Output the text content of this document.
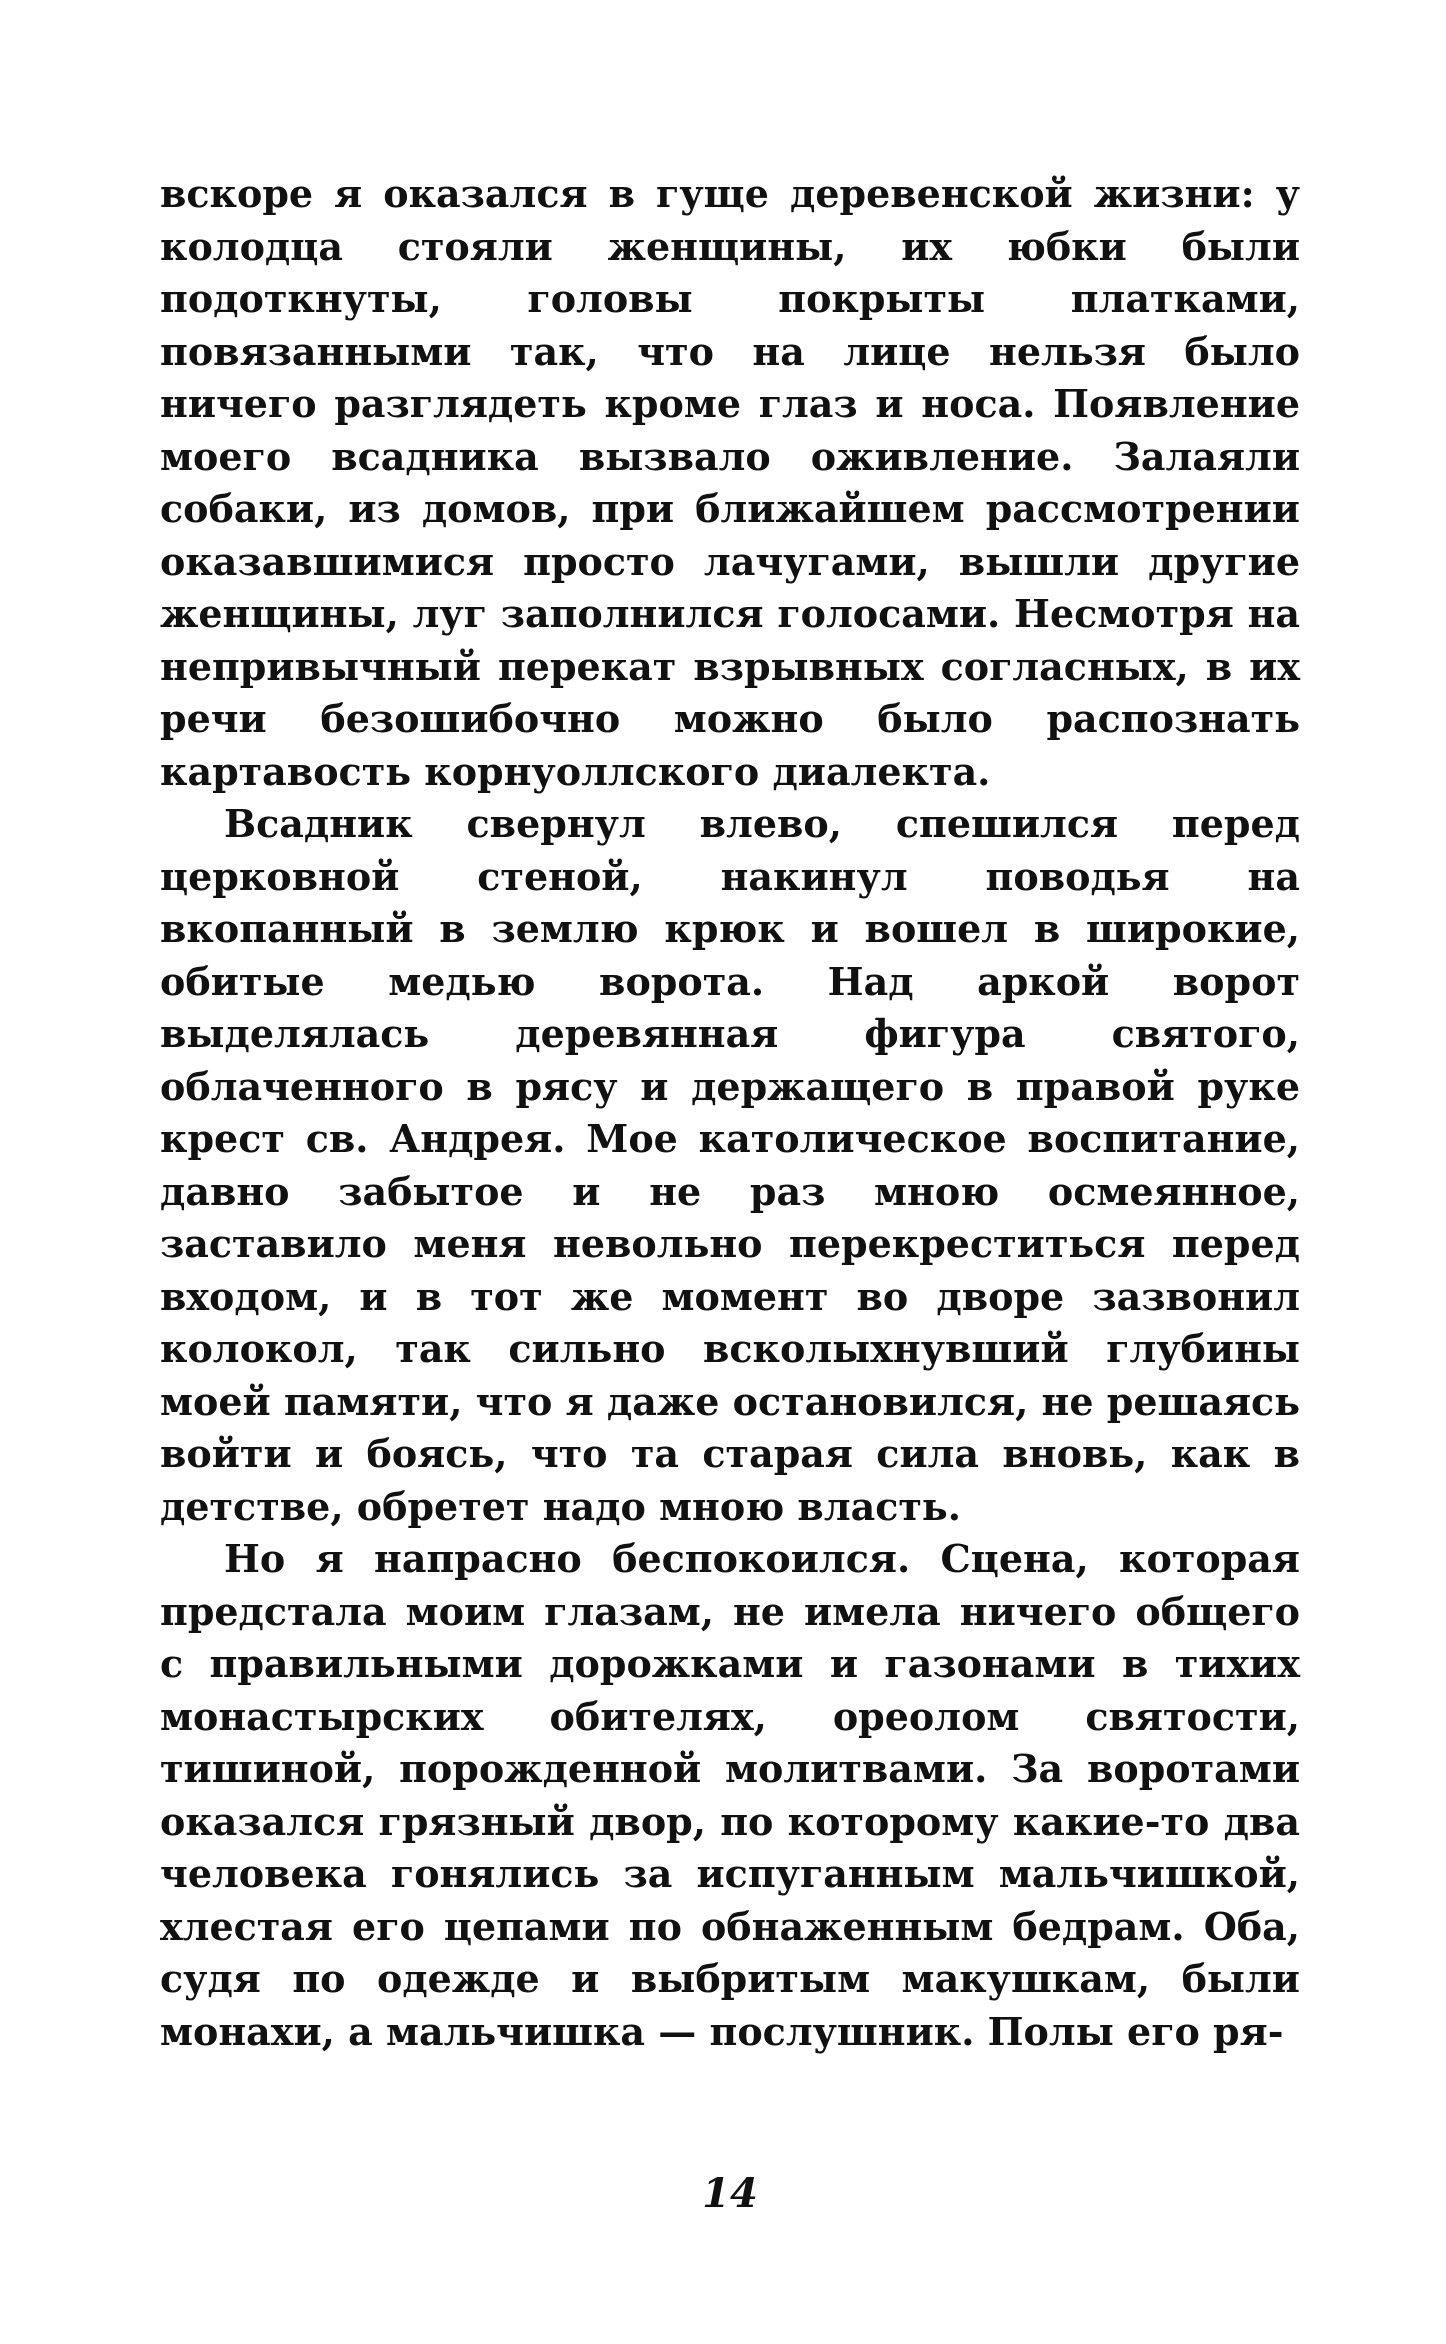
вскоре я оказался в гуще деревенской жизни: у колодца стояли женщины, их юбки были подоткнуты, головы покрыты платками, повязанными так, что на лице нельзя было ничего разглядеть кроме глаз и носа. Появление моего всадника вызвало оживление. Залаяли собаки, из домов, при ближайшем рассмотрении оказавшимися просто лачугами, вышли другие женщины, луг заполнился голосами. Несмотря на непривычный перекат взрывных согласных, в их речи безошибочно можно было распознать картавость корнуоллского диалекта.

Всадник свернул влево, спешился перед церковной стеной, накинул поводья на вкопанный в землю крюк и вошел в широкие, обитые медью ворота. Над аркой ворот выделялась деревянная фигура святого, облаченного в рясу и держащего в правой руке крест св. Андрея. Мое католическое воспитание, давно забытое и не раз мною осмеянное, заставило меня невольно перекреститься перед входом, и в тот же момент во дворе зазвонил колокол, так сильно всколыхнувший глубины моей памяти, что я даже остановился, не решаясь войти и боясь, что та старая сила вновь, как в детстве, обретет надо мною власть.

Но я напрасно беспокоился. Сцена, которая предстала моим глазам, не имела ничего общего с правильными дорожками и газонами в тихих монастырских обителях, ореолом святости, тишиной, порожденной молитвами. За воротами оказался грязный двор, по которому какие-то два человека гонялись за испуганным мальчишкой, хлестая его цепами по обнаженным бедрам. Оба, судя по одежде и выбритым макушкам, были монахи, а мальчишка — послушник. Полы его ря-

14
